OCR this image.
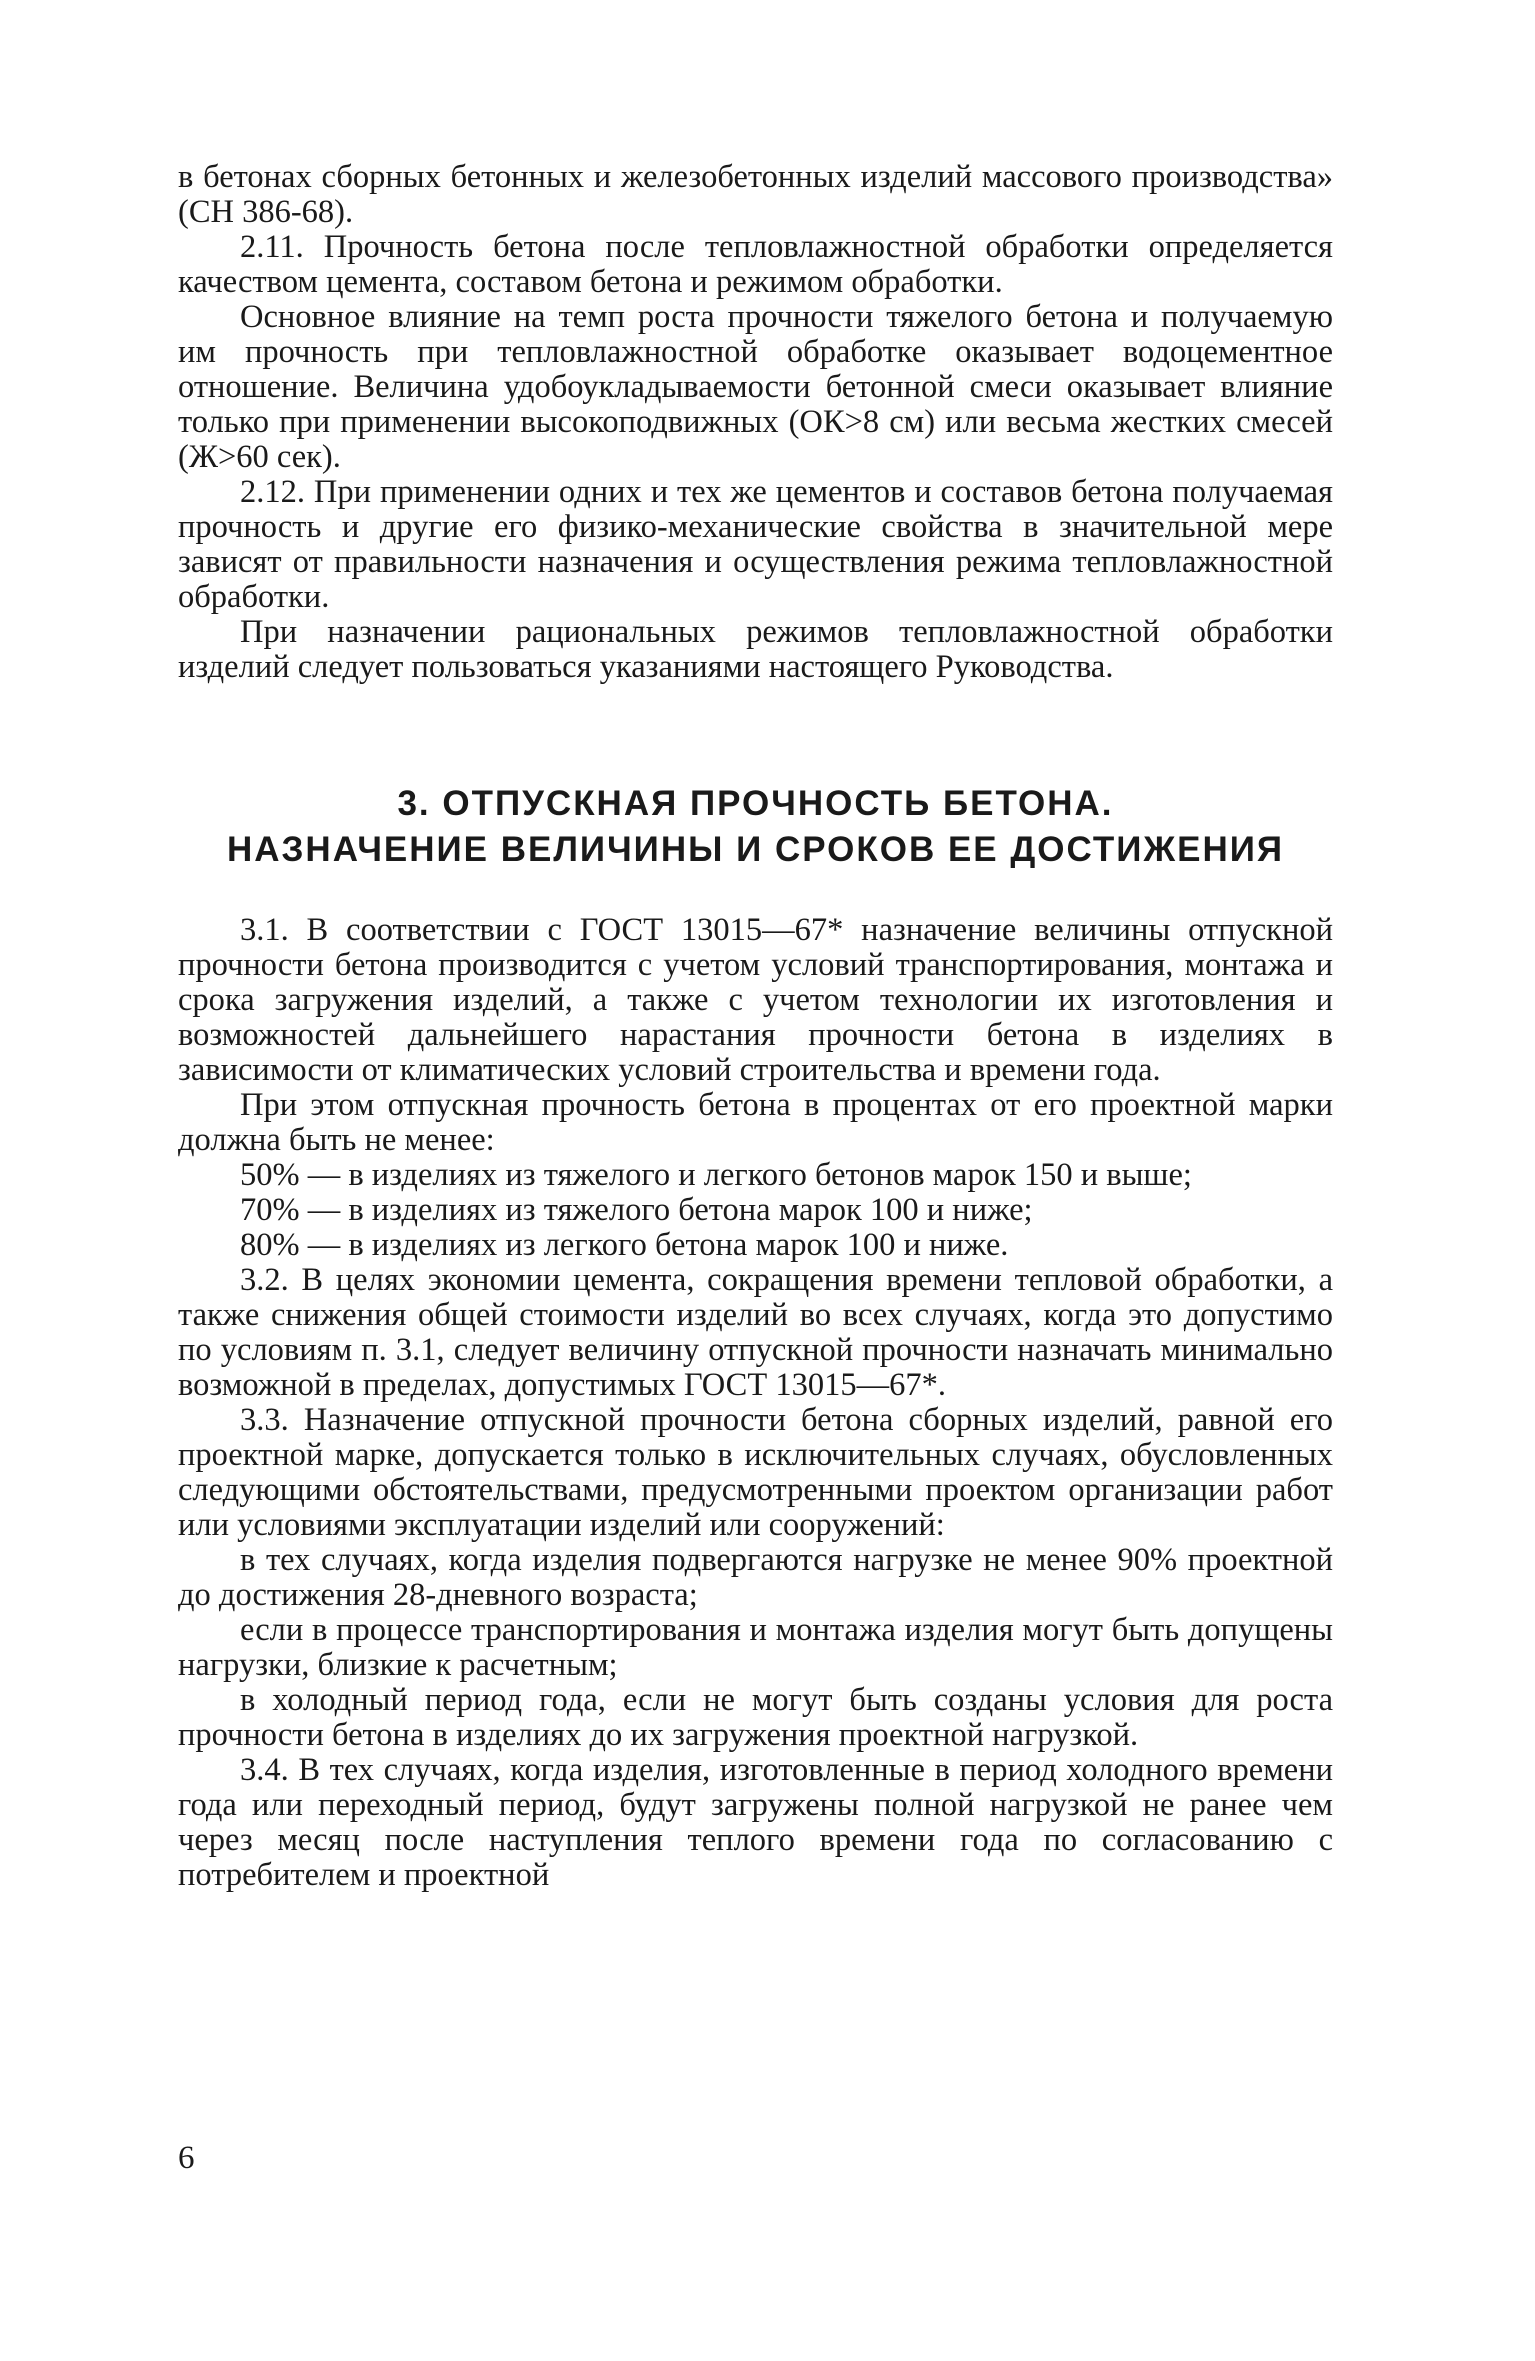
в бетонах сборных бетонных и железобетонных изделий массового производства» (СН 386-68).

2.11. Прочность бетона после тепловлажностной обработки определяется качеством цемента, составом бетона и режимом обработки.

Основное влияние на темп роста прочности тяжелого бетона и получаемую им прочность при тепловлажностной обработке оказывает водоцементное отношение. Величина удобоукладываемости бетонной смеси оказывает влияние только при применении высокоподвижных (ОК>8 см) или весьма жестких смесей (Ж>60 сек).

2.12. При применении одних и тех же цементов и составов бетона получаемая прочность и другие его физико-механические свойства в значительной мере зависят от правильности назначения и осуществления режима тепловлажностной обработки.

При назначении рациональных режимов тепловлажностной обработки изделий следует пользоваться указаниями настоящего Руководства.

3. ОТПУСКНАЯ ПРОЧНОСТЬ БЕТОНА.
НАЗНАЧЕНИЕ ВЕЛИЧИНЫ И СРОКОВ ЕЕ ДОСТИЖЕНИЯ

3.1. В соответствии с ГОСТ 13015—67* назначение величины отпускной прочности бетона производится с учетом условий транспортирования, монтажа и срока загружения изделий, а также с учетом технологии их изготовления и возможностей дальнейшего нарастания прочности бетона в изделиях в зависимости от климатических условий строительства и времени года.

При этом отпускная прочность бетона в процентах от его проектной марки должна быть не менее:

50% — в изделиях из тяжелого и легкого бетонов марок 150 и выше;

70% — в изделиях из тяжелого бетона марок 100 и ниже;

80% — в изделиях из легкого бетона марок 100 и ниже.

3.2. В целях экономии цемента, сокращения времени тепловой обработки, а также снижения общей стоимости изделий во всех случаях, когда это допустимо по условиям п. 3.1, следует величину отпускной прочности назначать минимально возможной в пределах, допустимых ГОСТ 13015—67*.

3.3. Назначение отпускной прочности бетона сборных изделий, равной его проектной марке, допускается только в исключительных случаях, обусловленных следующими обстоятельствами, предусмотренными проектом организации работ или условиями эксплуатации изделий или сооружений:

в тех случаях, когда изделия подвергаются нагрузке не менее 90% проектной до достижения 28-дневного возраста;

если в процессе транспортирования и монтажа изделия могут быть допущены нагрузки, близкие к расчетным;

в холодный период года, если не могут быть созданы условия для роста прочности бетона в изделиях до их загружения проектной нагрузкой.

3.4. В тех случаях, когда изделия, изготовленные в период холодного времени года или переходный период, будут загружены полной нагрузкой не ранее чем через месяц после наступления теплого времени года по согласованию с потребителем и проектной

6
